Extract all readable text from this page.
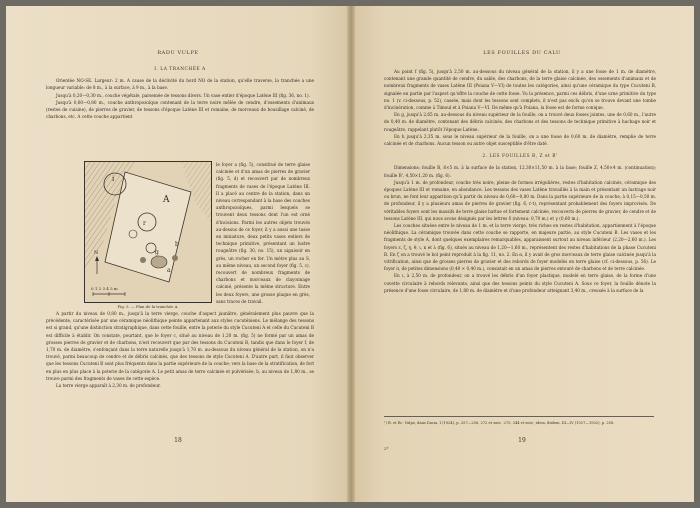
RADU VULPE
I. LA TRANCHÉE A

Orientée NO-SE. Largeur: 2 m. A cause de la déclivité du bord NO de la station, qu'elle traverse, la tranchée a une longueur variable: de 8 m., à la surface, à 9 m., à la base.

Jusqu'à 0,20—0,30 m., couche végétale, parsemée de tessons divers. Un vase entier d'époque Latène III (fig. 36, no. 1).

Jusqu'à 0,60—0,80 m., couche anthropozoïque contenant de la terre noire mêlée de cendre, d'ossements d'animaux (restes de cuisine), de pierres de gravier, de tessons d'époque Latène III et romaine, de morceaux de bousillage calciné, de charbons, etc. A cette couche appartient

i
A
r
b
g
a
N
0 1 2 3 4 5 m
Fig. 5. — Plan de la tranchée A.

le foyer a (fig. 5), constitué de terre glaise calcinée et d'un amas de pierres de gravier (fig. 5, d) et recouvert par de nombreux fragments de vases de l'époque Latène III. Il a placé au centre de la station, dans un niveau correspondant à la base des couches anthropozoïques, parmi lesquels se trouvent deux tessons dont l'un est orné d'incisions. Parmi les autres objets trouvés au-dessus de ce foyer, il y a aussi une tasse en miniature, deux petits vases entiers de technique primitive, présentant un lustre rougeâtre (fig. 30, no. 15), un aiguisoir en grès, un rocher en fer. Un mètre plus au S, au même niveau, un second foyer (fig. 5, c), recouvert de nombreux fragments de charbons et morceaux de clayonnage calciné, présente la même structure. Entre les deux foyers, une grosse plaque en grès, sans traces de travail.

A partir du niveau de 0,80 m., jusqu'à la terre vierge, couche d'aspect jaunâtre, généralement plus pauvre que la précédente, caractérisée par une céramique néolithique peinte appartenant aux styles cucuténiens. Le mélange des tessons est si grand, qu'une distinction stratigraphique, dans cette fouille, entre la poterie du style Cucuteni A et celle du Cucuteni B est difficile à établir. On constate, pourtant, que le foyer c, situé au niveau de 1,20 m. (fig. 5) ne formé par un amas de grosses pierres de gravier et de charbons, n'est recouvert que par des tessons du Cucuteni B, tandis que dans le foyer f, de 1,70 m. de diamètre, s'enfonçant dans la terre naturelle jusqu'à 1,70 m. au-dessous du niveau général de la station, on n'a trouvé, parmi beaucoup de cendre et de débris calcinés, que des tessons de style Cucuteni A. D'autre part, il faut observer que les tessons Cucuteni B sont plus fréquents dans la partie supérieure de la couche; vers la base de la stratification, de fort en plus en plus place à la poterie de la catégorie A. Le petit amas de terre calcinée et pulvérisée, b, au niveau de 1,80 m., se trouve parmi des fragments de vases de cette espèce.

La terre vierge apparaît à 2,30 m. de profondeur.

18
LES FOUILLES DU CALU

Au point f (fig. 5), jusqu'à 2,50 m. au-dessous du niveau général de la station, il y a une fosse de 1 m. de diamètre, contenant une grande quantité de cendre, du sable, des charbons, de la terre glaise calcinée, des ossements d'animaux et de nombreux fragments de vases Latène III (Poiana V—VI) de toutes les catégories, ainsi qu'une céramique du type Cucuteni B, signalée en partie par l'aspect qu'offre la couche de cette fosse. Vu la présence, parmi ces débris, d'une urne primitive du type no. 1 (v. ci-dessous, p. 52), cassée, mais dont les tessons sont complets, il n'est pas exclu qu'on se trouve devant une tombe d'incinération, comme à Timoul et à Poiana V—VI. De même qu'à Poiana, la fosse est de forme conique.

En g, jusqu'à 2,65 m. au-dessous du niveau supérieur de la fouille, on a trouvé deux fosses jointes, une de 0,60 m., l'autre de 0,40 m. de diamètre, contenant des débris calcinés, des charbons et des tessons de technique primitive à hachage noir et rougeâtre, rappelant plutôt l'époque Latène.

En h jusqu'à 2,35 m. sous le niveau supérieur de la fouille, on a une fosse de 0,60 m. de diamètre, remplie de terre calcinée et de charbons. Aucun tesson ou autre objet susceptible d'être daté.

2. LES FOUILLES B, Z et B'

Dimensions: fouille B, 8×5 m. à la surface de la station, 12,30×11,50 m. à la base; fouille Z, 4,50×4 m. (continuation); fouille B', 4,50×1,20 m. (fig. 6).

Jusqu'à 1 m. de profondeur, couche très noire, pleine de formes irrégulières, restes d'habitation calcinés, céramique des époques Latène III et romaine, en abondance. Les tessons des vases Latène travaillés à la main et présentant un lustrage noir ou brun, ne font leur apparition qu'à partir du niveau de 0,60—0,80 m. Dans la partie supérieure de la couche, à 0,15—0,50 m. de profondeur, il y a plusieurs amas de pierres de gravier (fig. 6, r-t), représentant probablement des foyers improvisés. De véritables foyers sont les massifs de terre glaise battue et fortement calcinée, recouverts de pierres de gravier, de cendre et de tessons Latène III, qui nous avons désignés par les lettres δ (niveau: 0,70 m.) et γ (0,60 m.).

Les couches situées entre le niveau de 1 m. et la terre vierge, très riches en restes d'habitation, appartiennent à l'époque néolithique. La céramique trouvée dans cette couche se rapporte, en majeure partie, au style Cucuteni B. Les vases et les fragments de style A, dont quelques exemplaires remarquables, apparaissent surtout au niveau inférieur (2,20—2,60 m.). Les foyers ε, ζ, η, θ, ι, κ et λ (fig. 6), situés au niveau de 1,20—1,60 m., représentent des restes d'habitations de la phase Cucuteni B. En ζ on a trouvé le bol peint reproduit à la fig. 11, no. 2. En α, il y avait de gros morceaux de terre glaise calcinée jusqu'à la vitrification, ainsi que de grosses pierres de gravier et des rebords de foyer modelés en terre glaise (cf. ci-dessous, p. 56). Le foyer π, de petites dimensions (0,40 × 0,40 m.), consistait en un amas de pierres entouré de charbons et de terre calcinée.

En ι, à 2,50 m. de profondeur, on a trouvé les débris d'un foyer plastique, modelé en terre glaise, de la forme d'une cuvette circulaire à rebords relevants, ainsi que des tessons peints du style Cucuteni A. Sous ce foyer, la fouille dénote la présence d'une fosse circulaire, de 1,80 m. de diamètre et d'une profondeur atteignant 3,40 m., creusée à la surface de la

¹) R. et Ec. Vulpe, dans Dacia, I (1924), p. 257—258, 272 et suiv., 275, 344 et suiv.; idem, ibidem, III—IV (1927—1932), p. 258.
2*
19
